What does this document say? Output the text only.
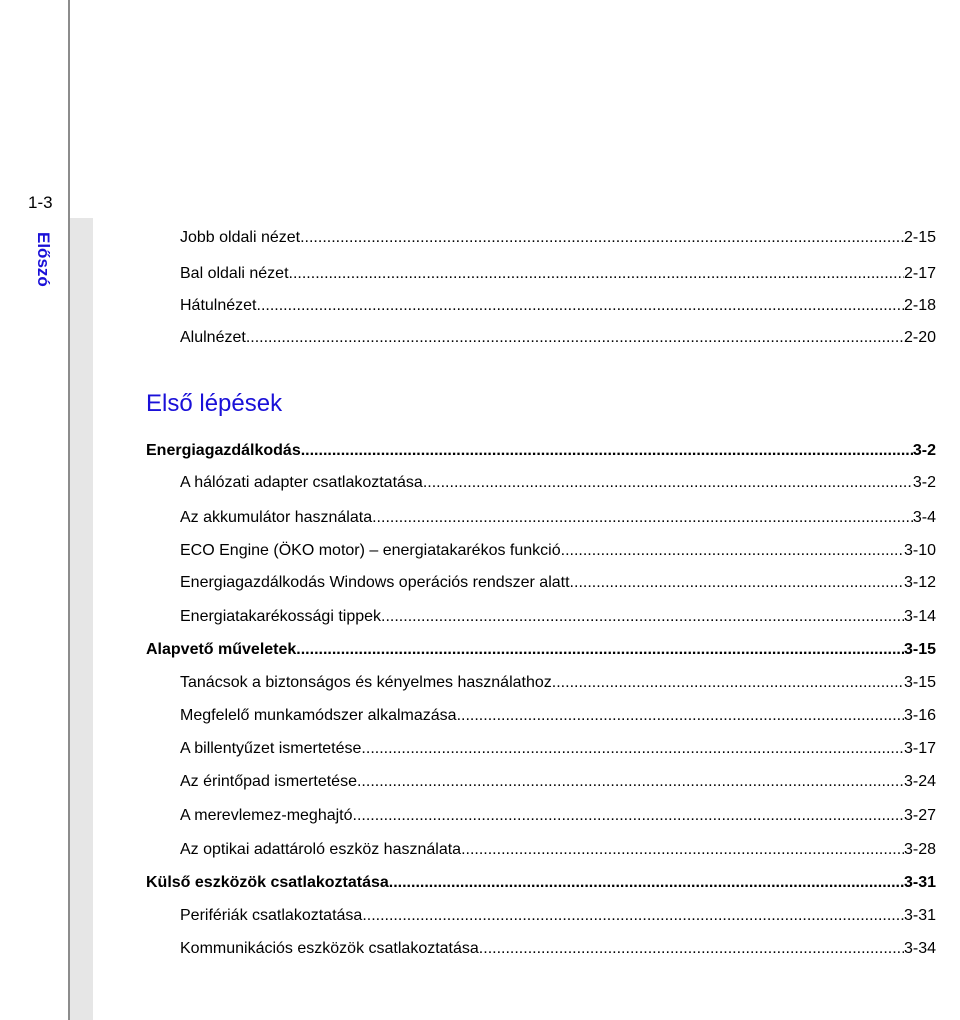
1-3
Előszó	Jobb oldali nézet .....	2-15
Bal oldali nézet .....	2-17
Hátulnézet .....	2-18
Alulnézet .....	2-20
Első lépések
Energiagazdálkodás .....	3-2
A hálózati adapter csatlakoztatása .....	3-2
Az akkumulátor használata .....	3-4
ECO Engine (ÖKO motor) – energiatakarékos funkció .....	3-10
Energiagazdálkodás Windows operációs rendszer alatt .....	3-12
Energiatakarékossági tippek .....	3-14
Alapvető műveletek .....	3-15
Tanácsok a biztonságos és kényelmes használathoz .....	3-15
Megfelelő munkamódszer alkalmazása .....	3-16
A billentyűzet ismertetése .....	3-17
Az érintőpad ismertetése .....	3-24
A merevlemez-meghajtó .....	3-27
Az optikai adattároló eszköz használata .....	3-28
Külső eszközök csatlakoztatása .....	3-31
Perifériák csatlakoztatása .....	3-31
Kommunikációs eszközök csatlakoztatása .....	3-34
